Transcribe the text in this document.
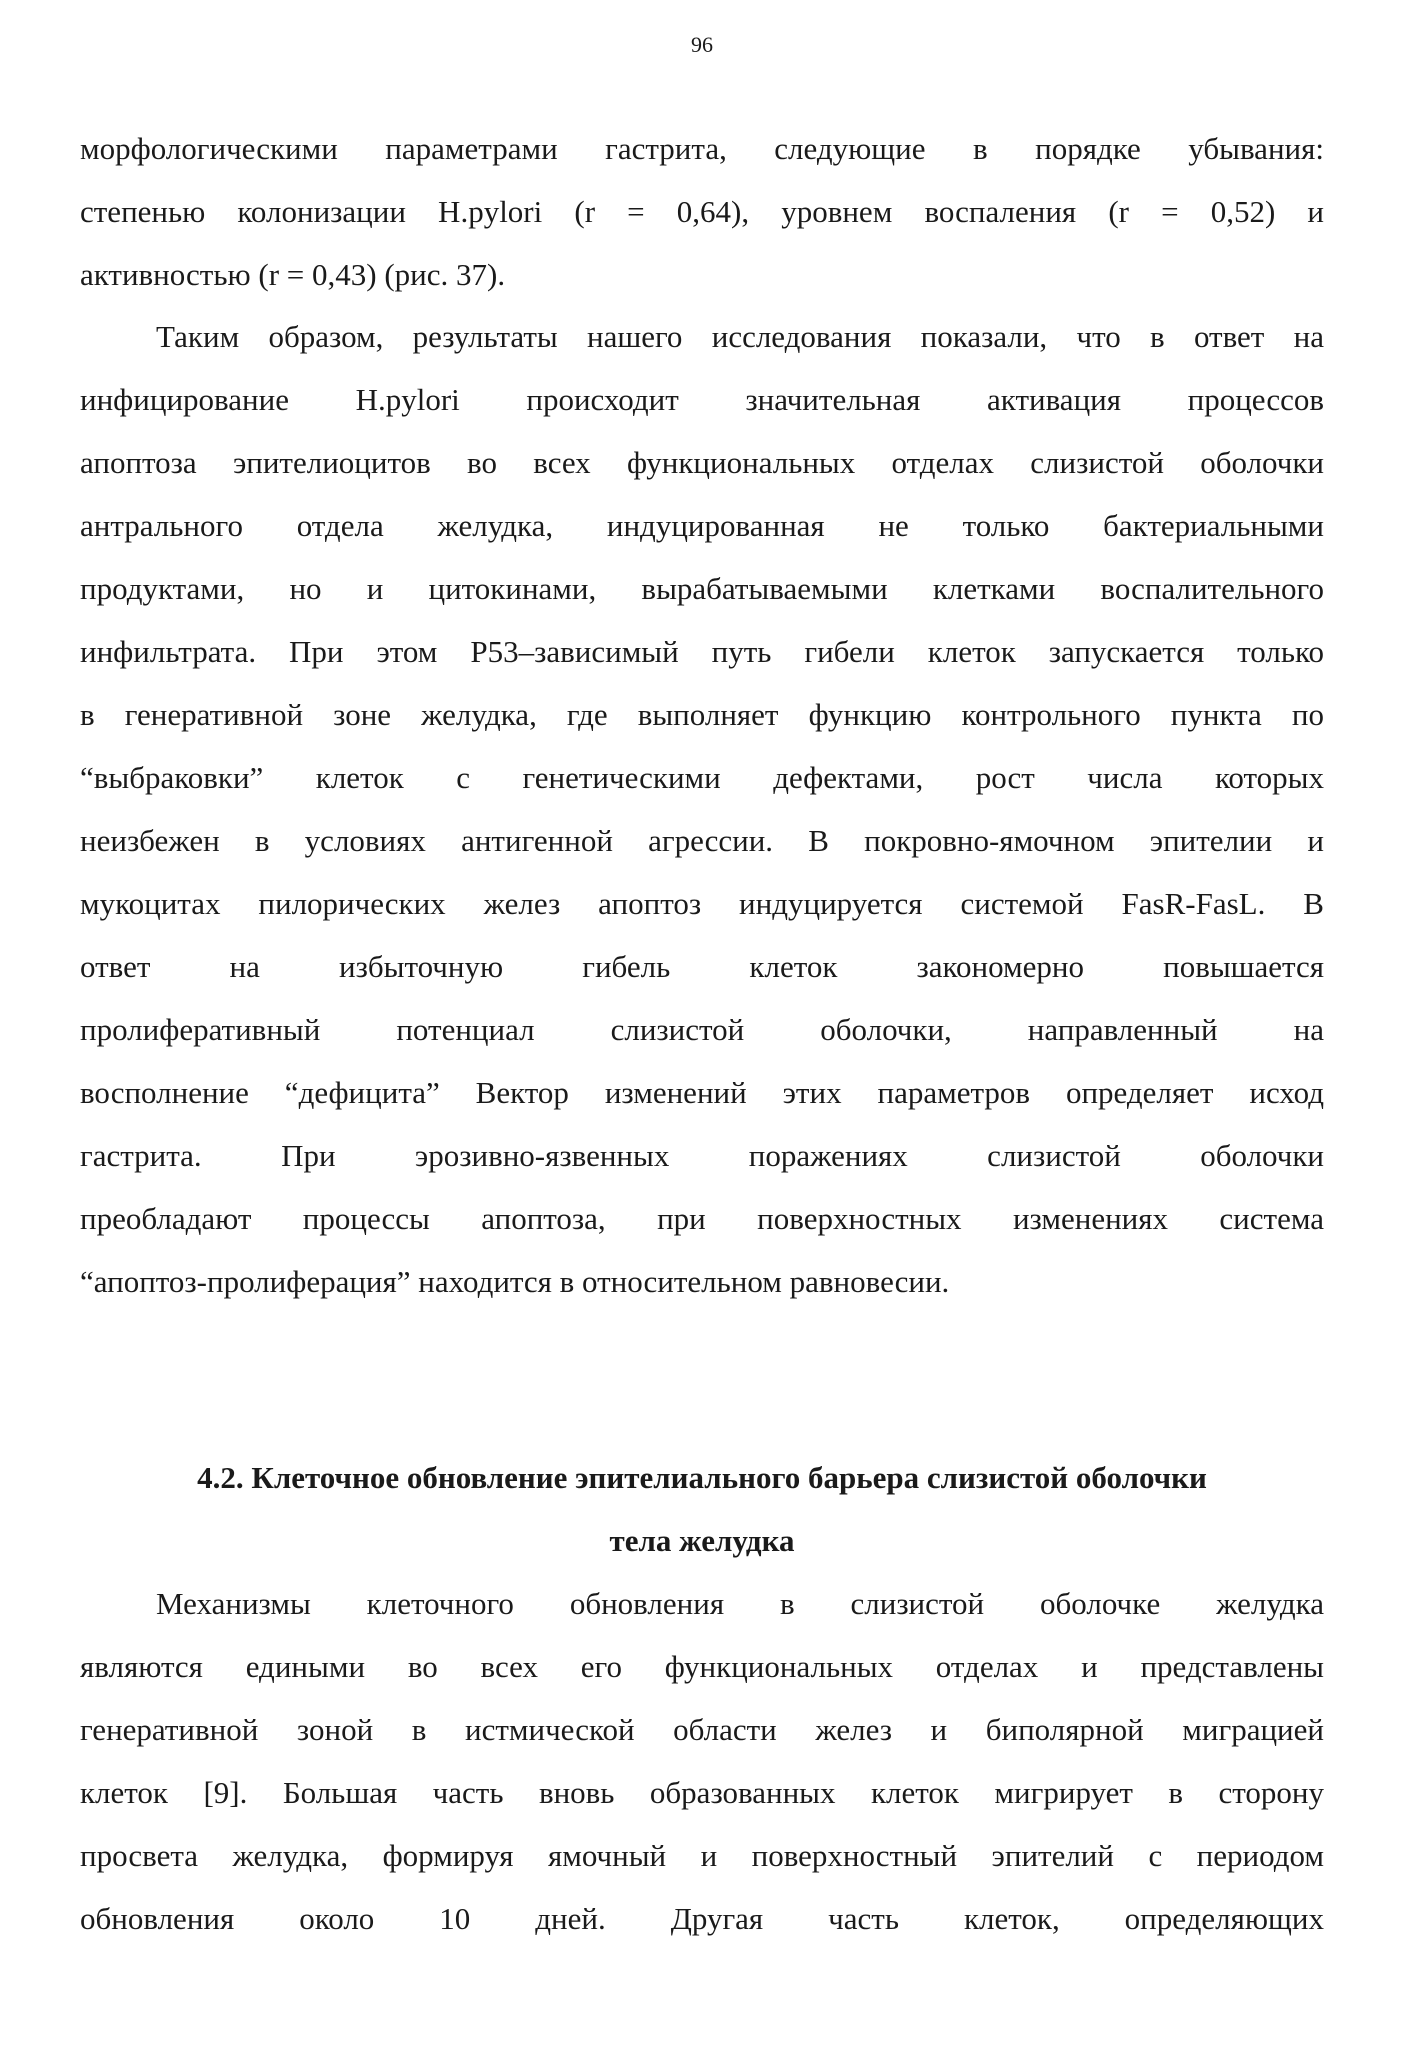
96
морфологическими параметрами гастрита, следующие в порядке убывания:
степенью колонизации H.pylori (r = 0,64), уровнем воспаления (r = 0,52) и
активностью (r = 0,43) (рис. 37).
Таким образом, результаты нашего исследования показали, что в ответ на
инфицирование H.pylori происходит значительная активация процессов
апоптоза эпителиоцитов во всех функциональных отделах слизистой оболочки
антрального отдела желудка, индуцированная не только бактериальными
продуктами, но и цитокинами, вырабатываемыми клетками воспалительного
инфильтрата. При этом P53–зависимый путь гибели клеток запускается только
в генеративной зоне желудка, где выполняет функцию контрольного пункта по
“выбраковки” клеток с генетическими дефектами, рост числа которых
неизбежен в условиях антигенной агрессии. В покровно-ямочном эпителии и
мукоцитах пилорических желез апоптоз индуцируется системой FasR-FasL. В
ответ на избыточную гибель клеток закономерно повышается
пролиферативный потенциал слизистой оболочки, направленный на
восполнение “дефицита” Вектор изменений этих параметров определяет исход
гастрита. При эрозивно-язвенных поражениях слизистой оболочки
преобладают процессы апоптоза, при поверхностных изменениях система
“апоптоз-пролиферация” находится в относительном равновесии.
4.2. Клеточное обновление эпителиального барьера слизистой оболочки
тела желудка
Механизмы клеточного обновления в слизистой оболочке желудка
являются едиными во всех его функциональных отделах и представлены
генеративной зоной в истмической области желез и биполярной миграцией
клеток [9]. Большая часть вновь образованных клеток мигрирует в сторону
просвета желудка, формируя ямочный и поверхностный эпителий с периодом
обновления около 10 дней. Другая часть клеток, определяющих
